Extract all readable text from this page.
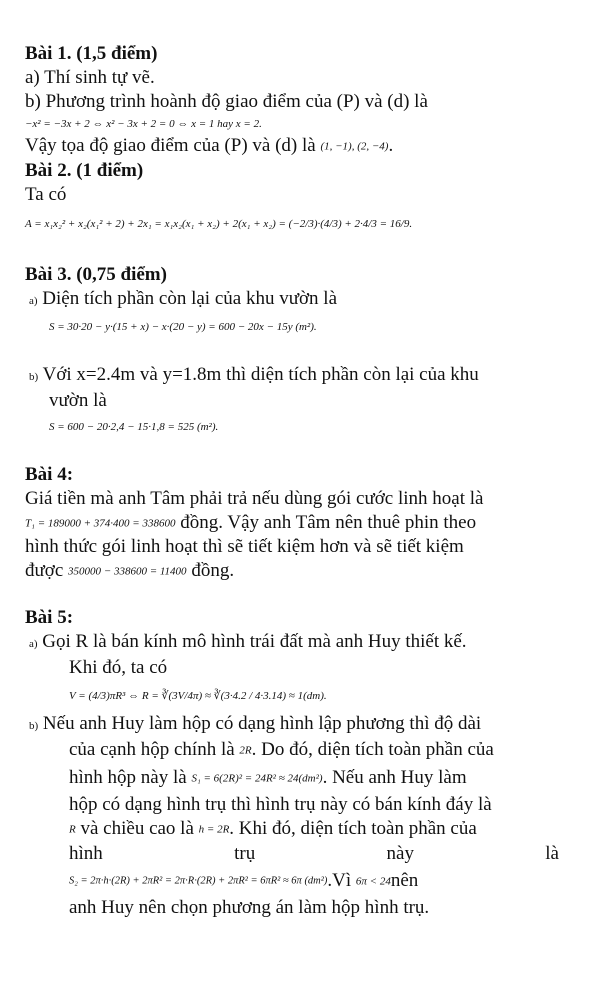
Bài 1. (1,5 điểm)
a) Thí sinh tự vẽ.
b) Phương trình hoành độ giao điểm của (P) và (d) là
−x² = −3x + 2 ⇔ x² − 3x + 2 = 0 ⇔ x = 1 hay x = 2.
Vậy tọa độ giao điểm của (P) và (d) là (1, −1), (2, −4).
Bài 2. (1 điểm)
Ta có
A = x₁x₂² + x₂(x₁² + 2) + 2x₁ = x₁x₂(x₁ + x₂) + 2(x₁ + x₂) = (−2/3)·(4/3) + 2·4/3 = 16/9.
Bài 3. (0,75 điểm)
a) Diện tích phần còn lại của khu vườn là
S = 30·20 − y·(15 + x) − x·(20 − y) = 600 − 20x − 15y (m²).
b) Với x=2.4m và y=1.8m thì diện tích phần còn lại của khu
vườn là
S = 600 − 20·2,4 − 15·1,8 = 525 (m²).
Bài 4:
Giá tiền mà anh Tâm phải trả nếu dùng gói cước linh hoạt là
T₁ = 189000 + 374·400 = 338600 đồng. Vậy anh Tâm nên thuê phin theo
hình thức gói linh hoạt thì sẽ tiết kiệm hơn và sẽ tiết kiệm
được 350000 − 338600 = 11400 đồng.
Bài 5:
a) Gọi R là bán kính mô hình trái đất mà anh Huy thiết kế.
Khi đó, ta có
V = (4/3)πR³ ⇔ R = ∛(3V/4π) ≈ ∛(3·4.2 / 4·3.14) ≈ 1(dm).
b) Nếu anh Huy làm hộp có dạng hình lập phương thì độ dài
của cạnh hộp chính là 2R. Do đó, diện tích toàn phần của
hình hộp này là S₁ = 6(2R)² = 24R² ≈ 24(dm²). Nếu anh Huy làm
hộp có dạng hình trụ thì hình trụ này có bán kính đáy là
R và chiều cao là h = 2R. Khi đó, diện tích toàn phần của
hình	trụ	này	là
S₂ = 2π·h·(2R) + 2πR² = 2π·R·(2R) + 2πR² = 6πR² ≈ 6π (dm²).Vì 6π < 24nên
anh Huy nên chọn phương án làm hộp hình trụ.
